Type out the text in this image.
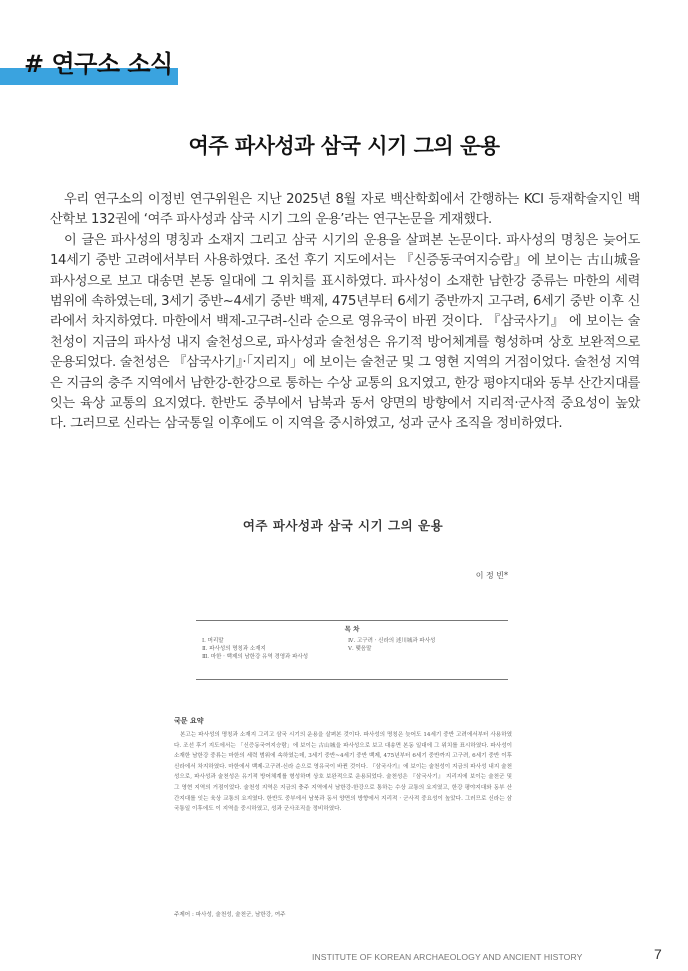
# 연구소 소식
여주 파사성과 삼국 시기 그의 운용

우리 연구소의 이정빈 연구위원은 지난 2025년 8월 자로 백산학회에서 간행하는 KCI 등재학술지인 백산학보 132권에 ‘여주 파사성과 삼국 시기 그의 운용’라는 연구논문을 게재했다.

이 글은 파사성의 명칭과 소재지 그리고 삼국 시기의 운용을 살펴본 논문이다. 파사성의 명칭은 늦어도 14세기 중반 고려에서부터 사용하였다. 조선 후기 지도에서는 『신증동국여지승람』에 보이는 古山城을 파사성으로 보고 대송면 본동 일대에 그 위치를 표시하였다. 파사성이 소재한 남한강 중류는 마한의 세력 범위에 속하였는데, 3세기 중반~4세기 중반 백제, 475년부터 6세기 중반까지 고구려, 6세기 중반 이후 신라에서 차지하였다. 마한에서 백제-고구려-신라 순으로 영유국이 바뀐 것이다. 『삼국사기』 에 보이는 술천성이 지금의 파사성 내지 술천성으로, 파사성과 술천성은 유기적 방어체계를 형성하며 상호 보완적으로 운용되었다. 술천성은 『삼국사기』·「지리지」에 보이는 술천군 및 그 영현 지역의 거점이었다. 술천성 지역은 지금의 충주 지역에서 남한강-한강으로 통하는 수상 교통의 요지였고, 한강 평야지대와 동부 산간지대를 잇는 육상 교통의 요지였다. 한반도 중부에서 남북과 동서 양면의 방향에서 지리적·군사적 중요성이 높았다. 그러므로 신라는 삼국통일 이후에도 이 지역을 중시하였고, 성과 군사 조직을 정비하였다.

여주 파사성과 삼국 시기 그의 운용
이 정 빈*
목 차
Ⅰ. 머리말
Ⅱ. 파사성의 명칭과 소재지
Ⅲ. 마한 · 백제의 남한강 유역 경영과 파사성
Ⅳ. 고구려 · 신라의 述川城과 파사성
Ⅴ. 맺음말
국문 요약

본고는 파사성의 명칭과 소재지 그리고 삼국 시기의 운용을 살펴본 것이다. 파사성의 명칭은 늦어도 14세기 중반 고려에서부터 사용하였다. 조선 후기 지도에서는 「신증동국여지승람」에 보이는 古山城을 파사성으로 보고 대송면 본동 일대에 그 위치를 표시하였다. 파사성이 소재한 남한강 중류는 마한의 세력 범위에 속하였는데, 3세기 중반~4세기 중반 백제, 475년부터 6세기 중반까지 고구려, 6세기 중반 이후 신라에서 차지하였다. 마한에서 백제-고구려-신라 순으로 영유국이 바뀐 것이다. 『삼국사기』에 보이는 술천성이 지금의 파사성 내지 술천성으로, 파사성과 술천성은 유기적 방어체계를 형성하며 상호 보완적으로 운용되었다. 술천성은 『삼국사기』 지리지에 보이는 술천군 및 그 영현 지역의 거점이었다. 술천성 지역은 지금의 충주 지역에서 남한강-한강으로 통하는 수상 교통의 요지였고, 한강 평야지대와 동부 산간지대를 잇는 육상 교통의 요지였다. 한반도 중부에서 남북과 동서 양면의 방향에서 지리적 · 군사적 중요성이 높았다. 그러므로 신라는 삼국통일 이후에도 이 지역을 중시하였고, 성과 군사조직을 정비하였다.

주제어 : 파사성, 술천성, 술천군, 남한강, 여주
INSTITUTE OF KOREAN ARCHAEOLOGY AND ANCIENT HISTORY	7
